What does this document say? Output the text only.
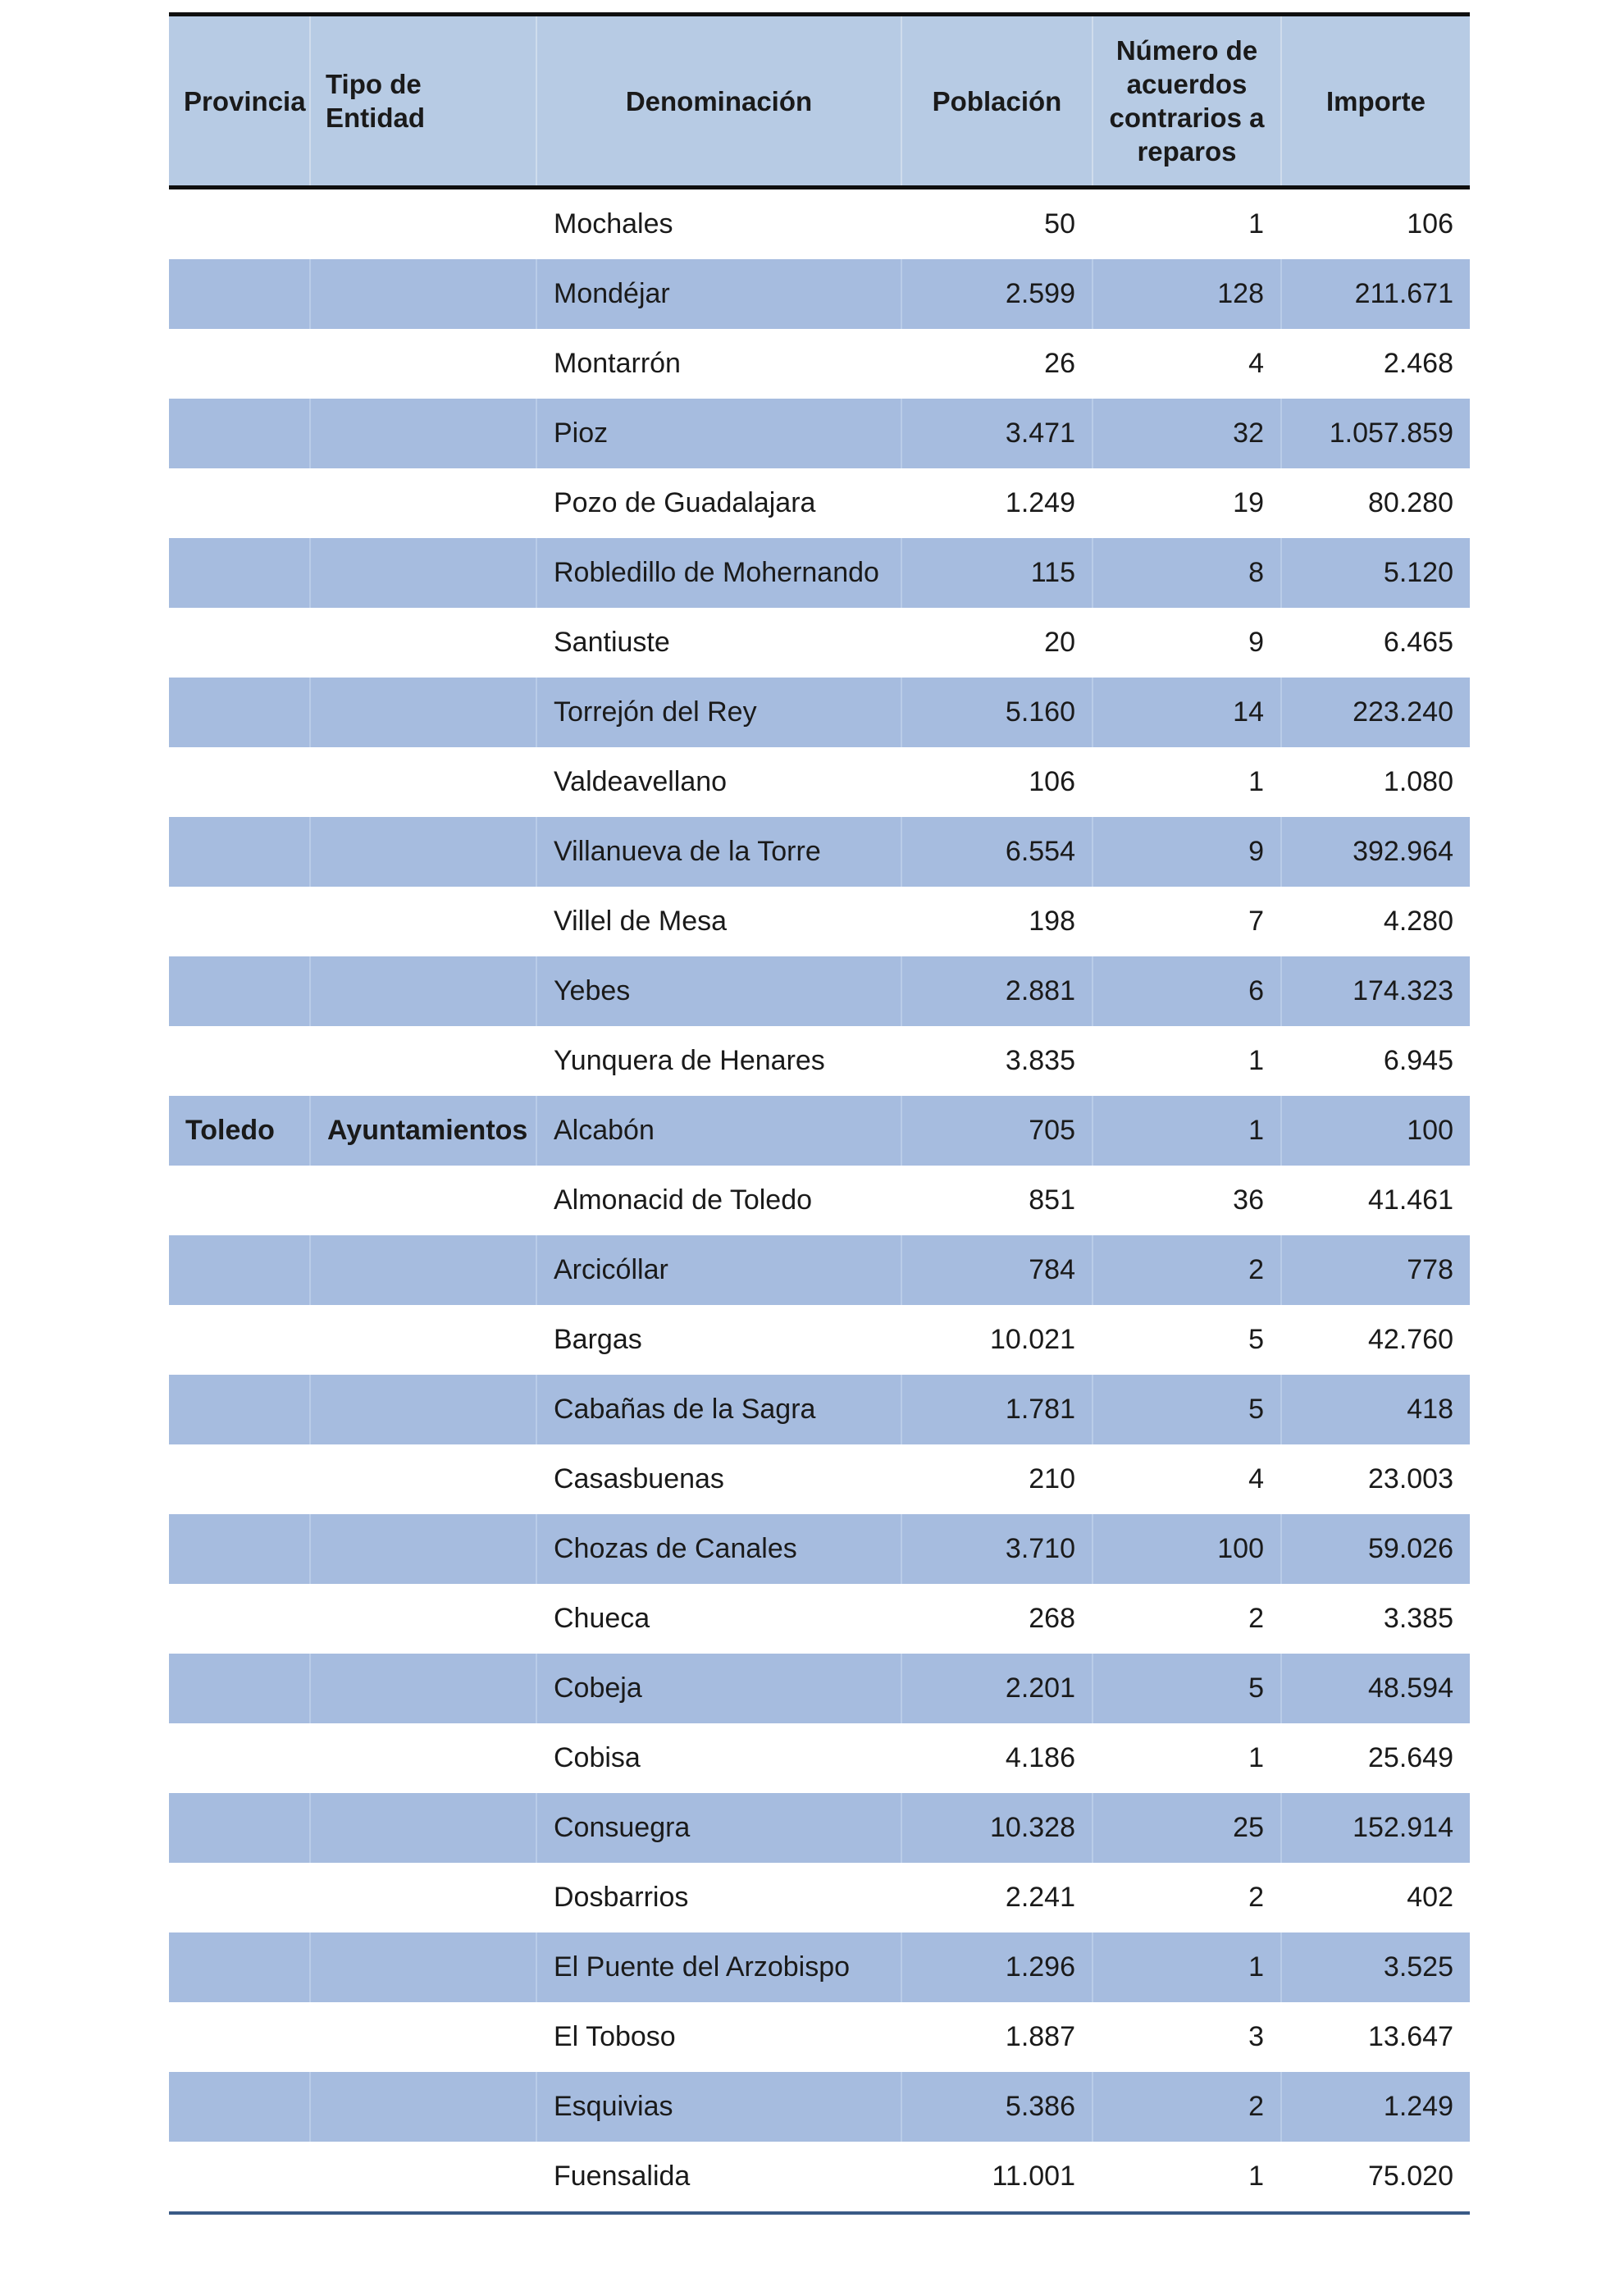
Provincia	Tipo de Entidad	Denominación	Población	Número de acuerdos contrarios a reparos	Importe
		Mochales	50	1	106
		Mondéjar	2.599	128	211.671
		Montarrón	26	4	2.468
		Pioz	3.471	32	1.057.859
		Pozo de Guadalajara	1.249	19	80.280
		Robledillo de Mohernando	115	8	5.120
		Santiuste	20	9	6.465
		Torrejón del Rey	5.160	14	223.240
		Valdeavellano	106	1	1.080
		Villanueva de la Torre	6.554	9	392.964
		Villel de Mesa	198	7	4.280
		Yebes	2.881	6	174.323
		Yunquera de Henares	3.835	1	6.945
Toledo	Ayuntamientos	Alcabón	705	1	100
		Almonacid de Toledo	851	36	41.461
		Arcicóllar	784	2	778
		Bargas	10.021	5	42.760
		Cabañas de la Sagra	1.781	5	418
		Casasbuenas	210	4	23.003
		Chozas de Canales	3.710	100	59.026
		Chueca	268	2	3.385
		Cobeja	2.201	5	48.594
		Cobisa	4.186	1	25.649
		Consuegra	10.328	25	152.914
		Dosbarrios	2.241	2	402
		El Puente del Arzobispo	1.296	1	3.525
		El Toboso	1.887	3	13.647
		Esquivias	5.386	2	1.249
		Fuensalida	11.001	1	75.020
